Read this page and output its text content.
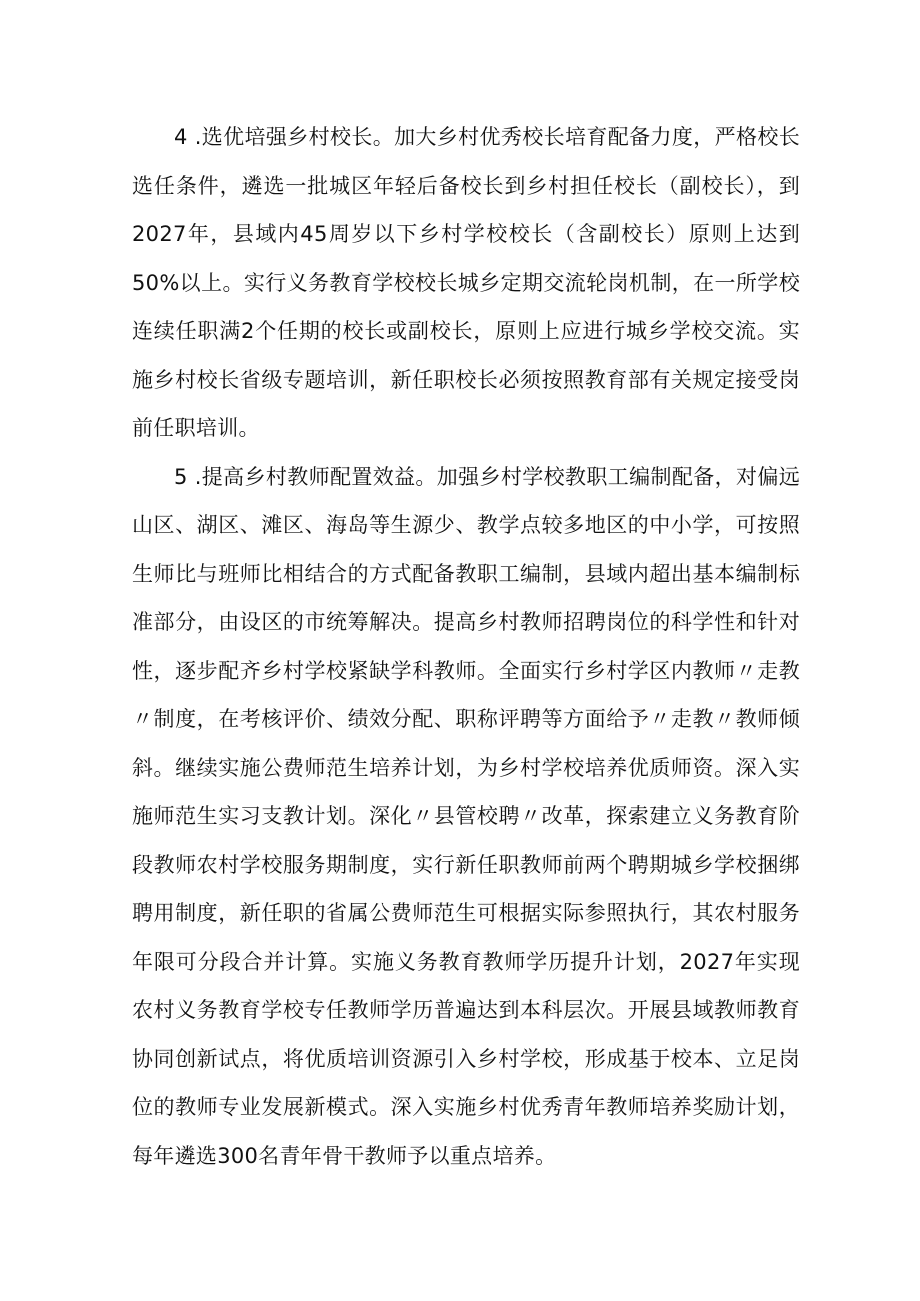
4 .选优培强乡村校长。加大乡村优秀校长培育配备力度，严格校长选任条件，遴选一批城区年轻后备校长到乡村担任校长（副校长），到2027年，县域内45周岁以下乡村学校校长（含副校长）原则上达到50%以上。实行义务教育学校校长城乡定期交流轮岗机制，在一所学校连续任职满2个任期的校长或副校长，原则上应进行城乡学校交流。实施乡村校长省级专题培训，新任职校长必须按照教育部有关规定接受岗前任职培训。

5 .提高乡村教师配置效益。加强乡村学校教职工编制配备，对偏远山区、湖区、滩区、海岛等生源少、教学点较多地区的中小学，可按照生师比与班师比相结合的方式配备教职工编制，县域内超出基本编制标准部分，由设区的市统筹解决。提高乡村教师招聘岗位的科学性和针对性，逐步配齐乡村学校紧缺学科教师。全面实行乡村学区内教师〃走教〃制度，在考核评价、绩效分配、职称评聘等方面给予〃走教〃教师倾斜。继续实施公费师范生培养计划，为乡村学校培养优质师资。深入实施师范生实习支教计划。深化〃县管校聘〃改革，探索建立义务教育阶段教师农村学校服务期制度，实行新任职教师前两个聘期城乡学校捆绑聘用制度，新任职的省属公费师范生可根据实际参照执行，其农村服务年限可分段合并计算。实施义务教育教师学历提升计划，2027年实现农村义务教育学校专任教师学历普遍达到本科层次。开展县域教师教育协同创新试点，将优质培训资源引入乡村学校，形成基于校本、立足岗位的教师专业发展新模式。深入实施乡村优秀青年教师培养奖励计划，每年遴选300名青年骨干教师予以重点培养。
